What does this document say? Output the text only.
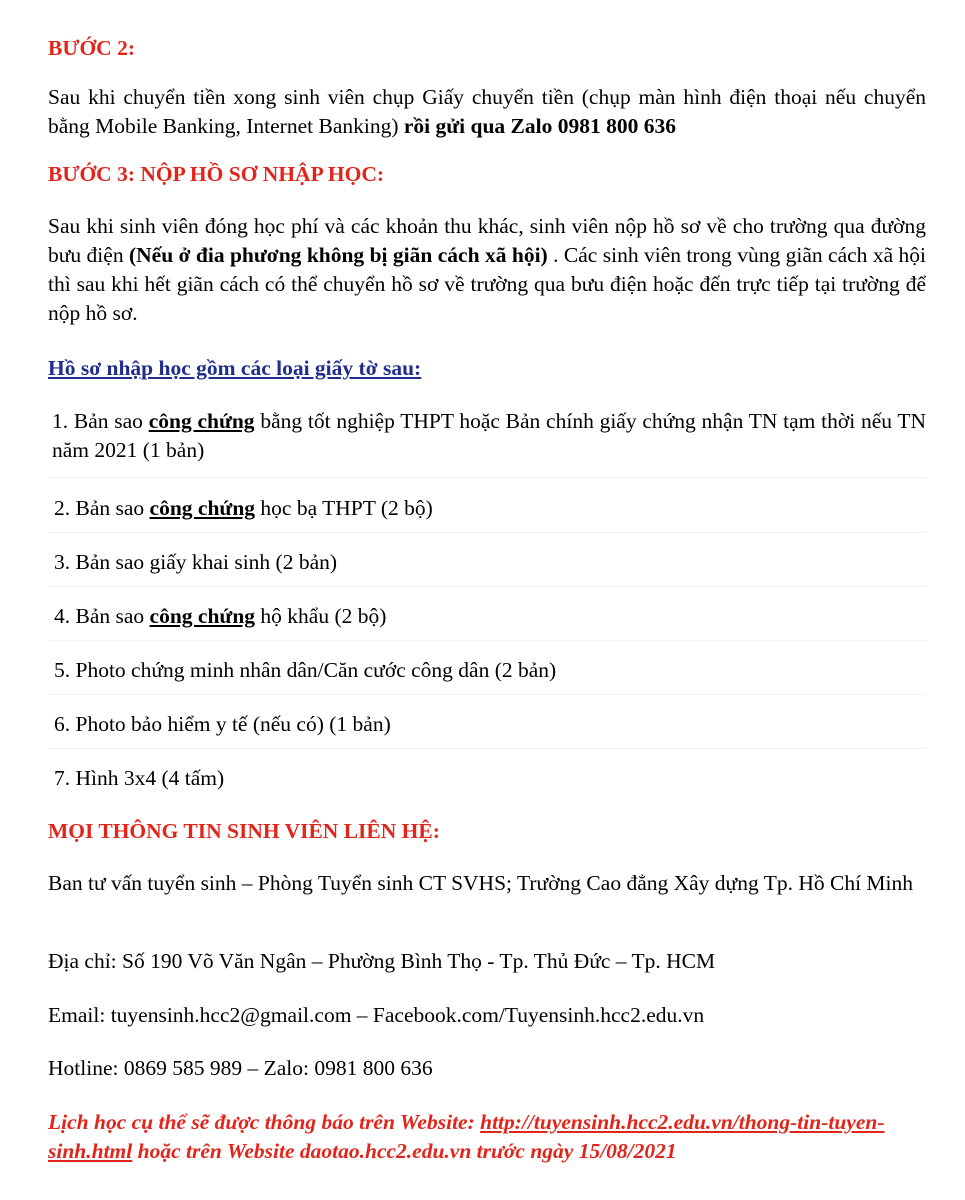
BƯỚC 2:

Sau khi chuyển tiền xong sinh viên chụp Giấy chuyển tiền (chụp màn hình điện thoại nếu chuyển bằng Mobile Banking, Internet Banking) rồi gửi qua Zalo 0981 800 636

BƯỚC 3: NỘP HỒ SƠ NHẬP HỌC:

Sau khi sinh viên đóng học phí và các khoản thu khác, sinh viên nộp hồ sơ về cho trường qua đường bưu điện (Nếu ở đia phương không bị giãn cách xã hội) . Các sinh viên trong vùng giãn cách xã hội thì sau khi hết giãn cách có thể chuyển hồ sơ về trường qua bưu điện hoặc đến trực tiếp tại trường để nộp hồ sơ.

Hồ sơ nhập học gồm các loại giấy tờ sau:

1. Bản sao công chứng bằng tốt nghiệp THPT hoặc Bản chính giấy chứng nhận TN tạm thời nếu TN năm 2021 (1 bản)

2. Bản sao công chứng học bạ THPT (2 bộ)

3. Bản sao giấy khai sinh (2 bản)

4. Bản sao công chứng hộ khẩu (2 bộ)

5. Photo chứng minh nhân dân/Căn cước công dân (2 bản)

6. Photo bảo hiểm y tế (nếu có) (1 bản)

7. Hình 3x4 (4 tấm)

MỌI THÔNG TIN SINH VIÊN LIÊN HỆ:

Ban tư vấn tuyển sinh – Phòng Tuyển sinh CT SVHS; Trường Cao đẳng Xây dựng Tp. Hồ Chí Minh

Địa chỉ: Số 190 Võ Văn Ngân – Phường Bình Thọ - Tp. Thủ Đức – Tp. HCM

Email: tuyensinh.hcc2@gmail.com – Facebook.com/Tuyensinh.hcc2.edu.vn

Hotline: 0869 585 989 – Zalo: 0981 800 636

Lịch học cụ thể sẽ được thông báo trên Website: http://tuyensinh.hcc2.edu.vn/thong-tin-tuyen-sinh.html hoặc trên Website daotao.hcc2.edu.vn trước ngày 15/08/2021
